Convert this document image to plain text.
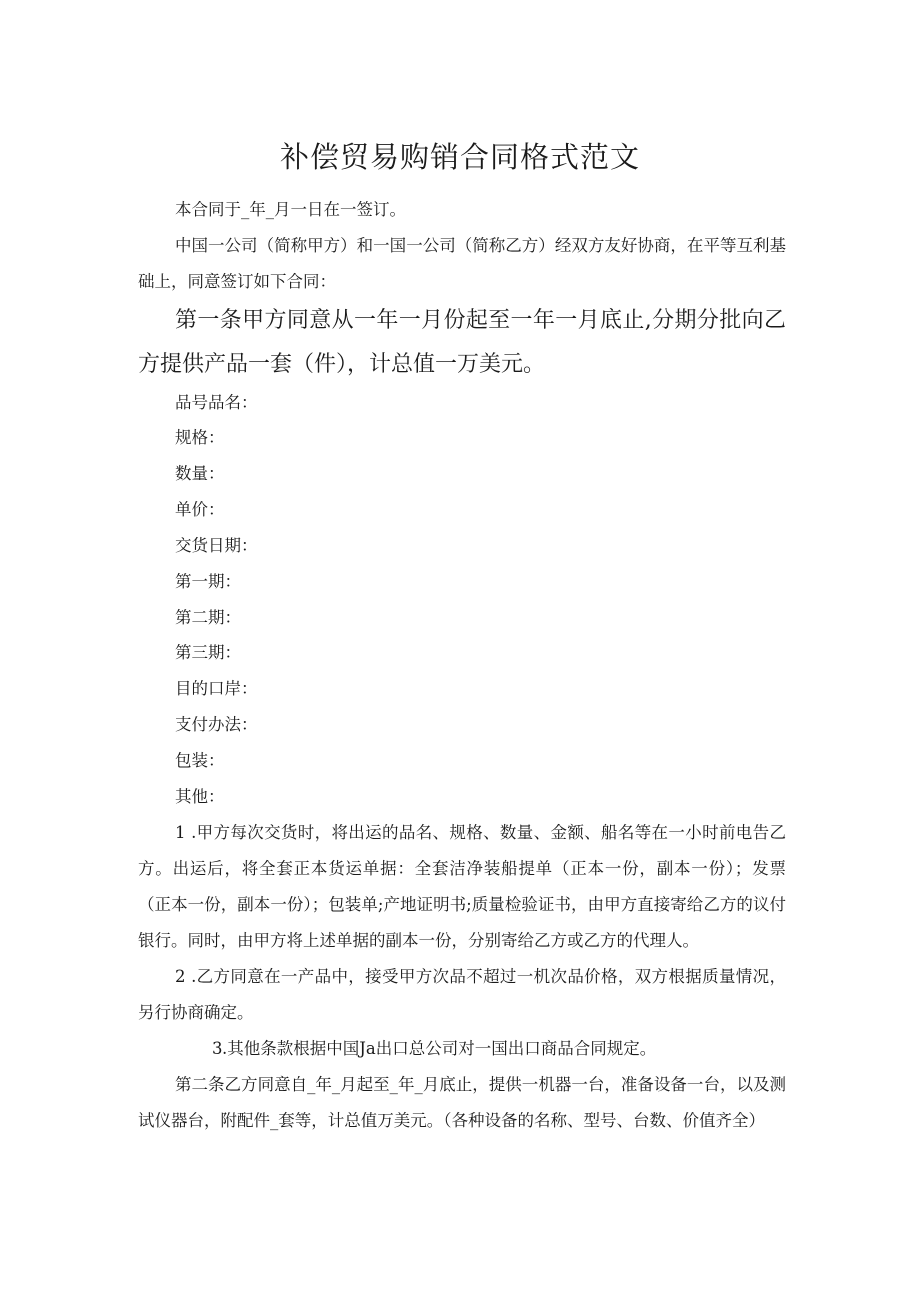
补偿贸易购销合同格式范文

本合同于_年_月一日在一签订。

中国一公司（简称甲方）和一国一公司（简称乙方）经双方友好协商，在平等互利基础上，同意签订如下合同：

第一条甲方同意从一年一月份起至一年一月底止,分期分批向乙方提供产品一套（件），计总值一万美元。

品号品名：

规格：

数量：

单价：

交货日期：

第一期：

第二期：

第三期：

目的口岸：

支付办法：

包装：

其他：

1 .甲方每次交货时，将出运的品名、规格、数量、金额、船名等在一小时前电告乙方。出运后，将全套正本货运单据：全套洁净装船提单（正本一份，副本一份）；发票（正本一份，副本一份）；包装单;产地证明书;质量检验证书，由甲方直接寄给乙方的议付银行。同时，由甲方将上述单据的副本一份，分别寄给乙方或乙方的代理人。

2 .乙方同意在一产品中，接受甲方次品不超过一机次品价格，双方根据质量情况，另行协商确定。

3.其他条款根据中国Ja出口总公司对一国出口商品合同规定。

第二条乙方同意自_年_月起至_年_月底止，提供一机器一台，准备设备一台，以及测试仪器台，附配件_套等，计总值万美元。（各种设备的名称、型号、台数、价值齐全）
